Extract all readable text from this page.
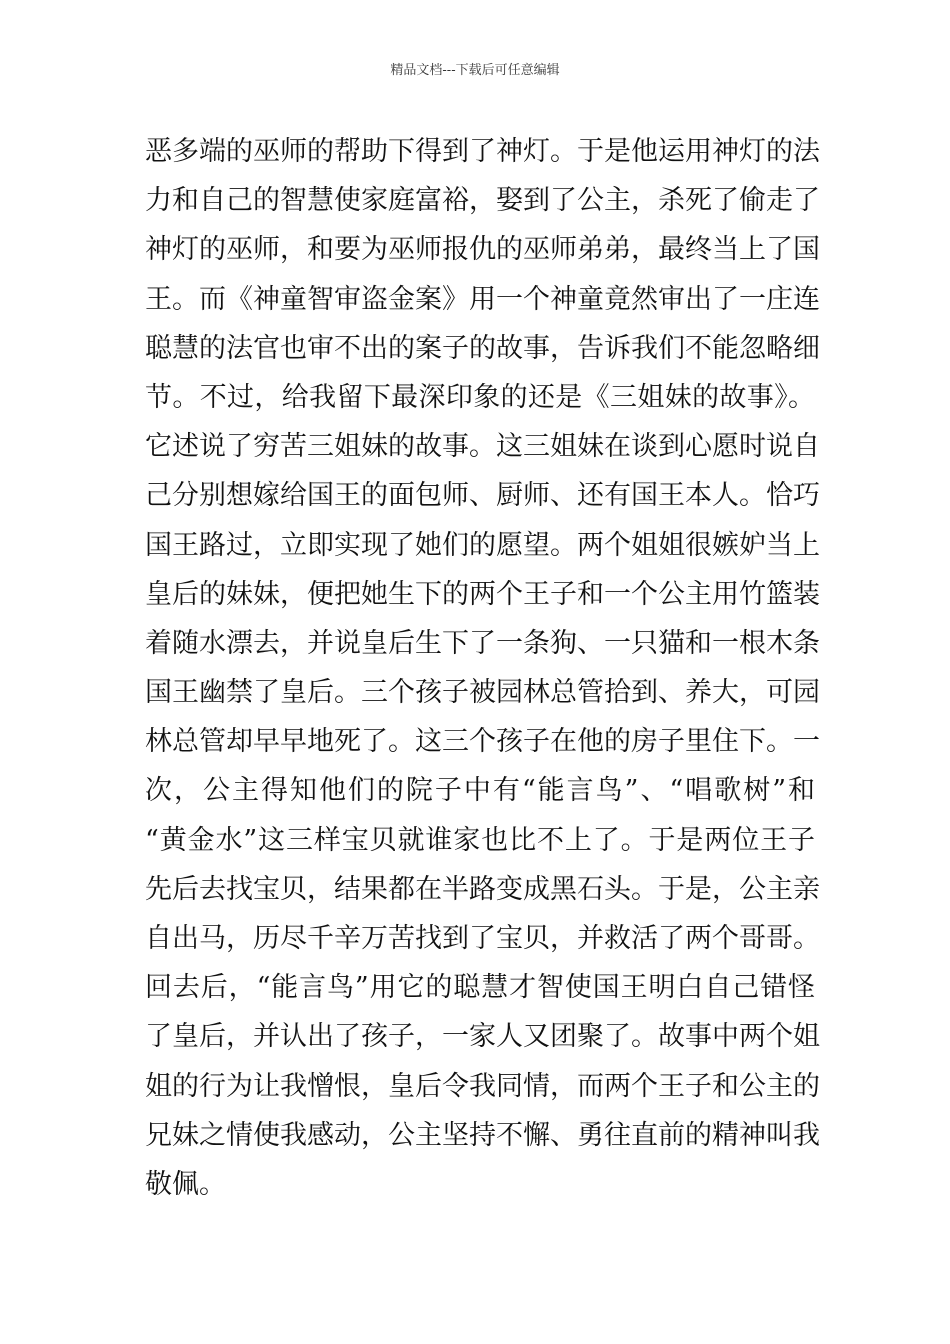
精品文档---下载后可任意编辑
恶多端的巫师的帮助下得到了神灯。于是他运用神灯的法
力和自己的智慧使家庭富裕，娶到了公主，杀死了偷走了
神灯的巫师，和要为巫师报仇的巫师弟弟，最终当上了国
王。而《神童智审盗金案》用一个神童竟然审出了一庄连
聪慧的法官也审不出的案子的故事，告诉我们不能忽略细
节。不过，给我留下最深印象的还是《三姐妹的故事》。
它述说了穷苦三姐妹的故事。这三姐妹在谈到心愿时说自
己分别想嫁给国王的面包师、厨师、还有国王本人。恰巧
国王路过，立即实现了她们的愿望。两个姐姐很嫉妒当上
皇后的妹妹，便把她生下的两个王子和一个公主用竹篮装
着随水漂去，并说皇后生下了一条狗、一只猫和一根木条
国王幽禁了皇后。三个孩子被园林总管拾到、养大，可园
林总管却早早地死了。这三个孩子在他的房子里住下。一
次，公主得知他们的院子中有“能言鸟”、“唱歌树”和
“黄金水”这三样宝贝就谁家也比不上了。于是两位王子
先后去找宝贝，结果都在半路变成黑石头。于是，公主亲
自出马，历尽千辛万苦找到了宝贝，并救活了两个哥哥。
回去后，“能言鸟”用它的聪慧才智使国王明白自己错怪
了皇后，并认出了孩子，一家人又团聚了。故事中两个姐
姐的行为让我憎恨，皇后令我同情，而两个王子和公主的
兄妹之情使我感动，公主坚持不懈、勇往直前的精神叫我
敬佩。
